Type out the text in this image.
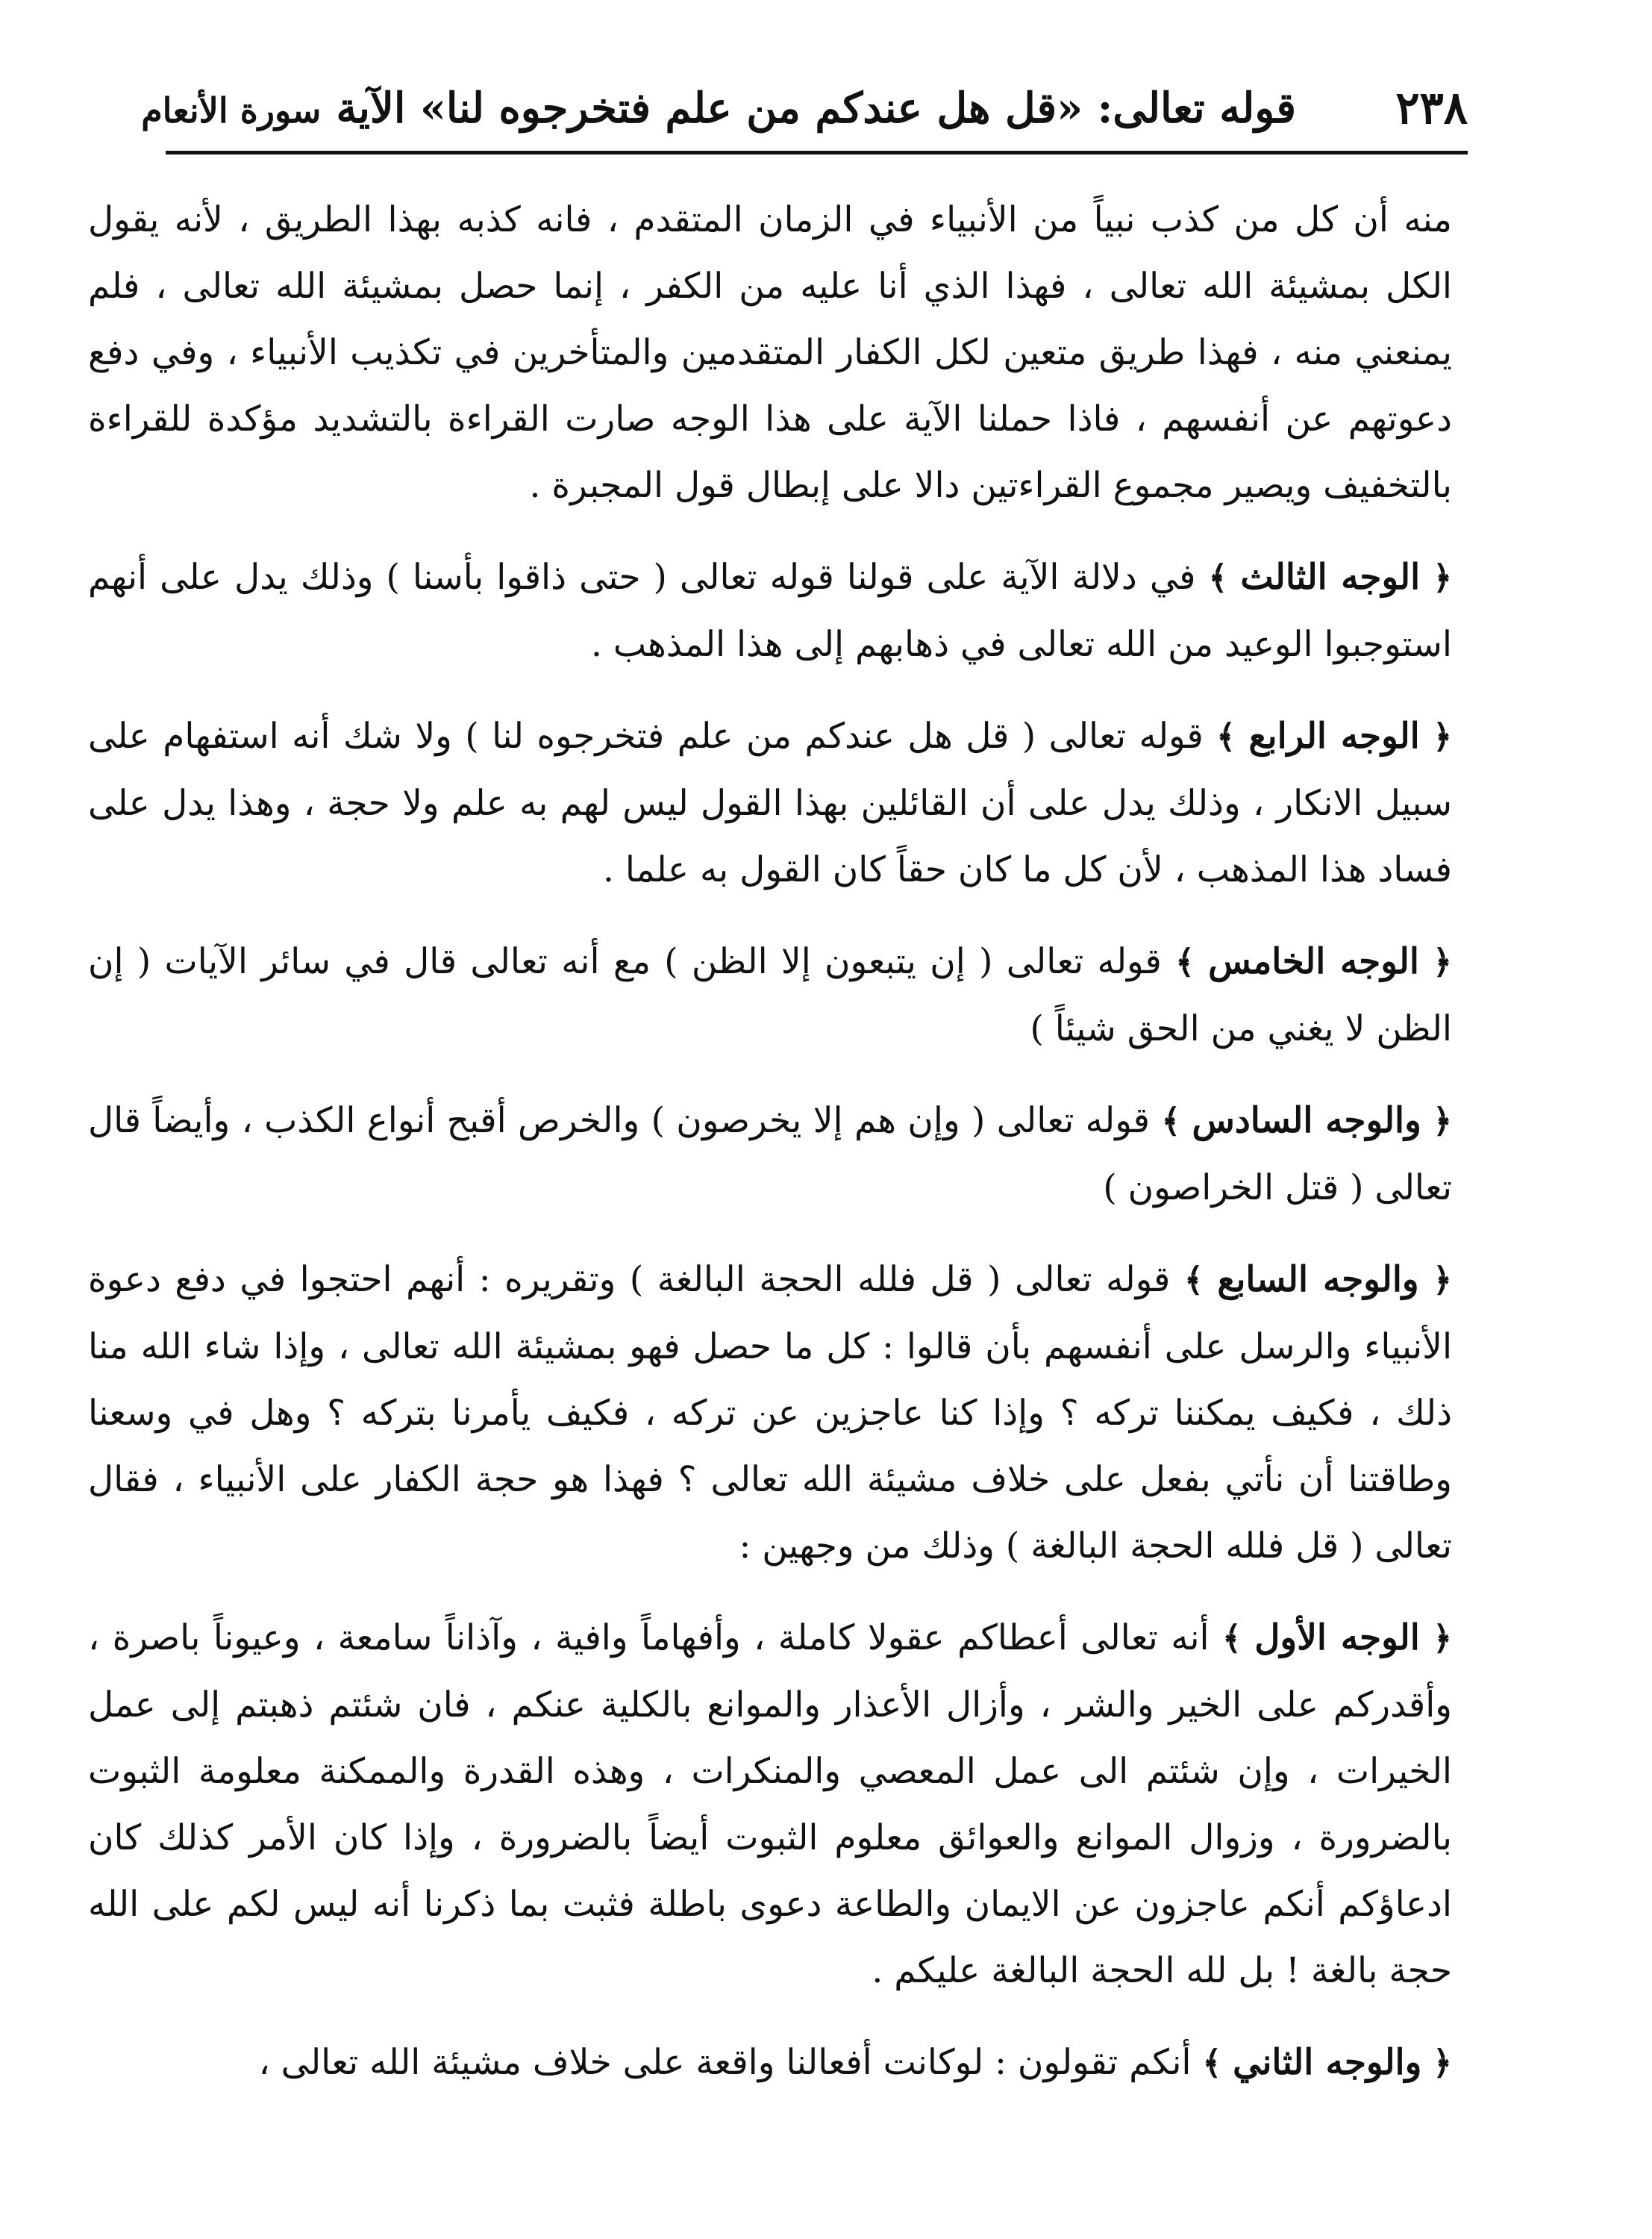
٢٣٨
قوله تعالى: «قل هل عندكم من علم فتخرجوه لنا» الآيةسورة الأنعام

منه أن كل من كذب نبياً من الأنبياء في الزمان المتقدم ، فانه كذبه بهذا الطريق ، لأنه يقول الكل بمشيئة الله تعالى ، فهذا الذي أنا عليه من الكفر ، إنما حصل بمشيئة الله تعالى ، فلم يمنعني منه ، فهذا طريق متعين لكل الكفار المتقدمين والمتأخرين في تكذيب الأنبياء ، وفي دفع دعوتهم عن أنفسهم ، فاذا حملنا الآية على هذا الوجه صارت القراءة بالتشديد مؤكدة للقراءة بالتخفيف ويصير مجموع القراءتين دالا على إبطال قول المجبرة .

﴿ الوجه الثالث ﴾ في دلالة الآية على قولنا قوله تعالى ( حتى ذاقوا بأسنا ) وذلك يدل على أنهم استوجبوا الوعيد من الله تعالى في ذهابهم إلى هذا المذهب .

﴿ الوجه الرابع ﴾ قوله تعالى ( قل هل عندكم من علم فتخرجوه لنا ) ولا شك أنه استفهام على سبيل الانكار ، وذلك يدل على أن القائلين بهذا القول ليس لهم به علم ولا حجة ، وهذا يدل على فساد هذا المذهب ، لأن كل ما كان حقاً كان القول به علما .

﴿ الوجه الخامس ﴾ قوله تعالى ( إن يتبعون إلا الظن ) مع أنه تعالى قال في سائر الآيات ( إن الظن لا يغني من الحق شيئاً )

﴿ والوجه السادس ﴾ قوله تعالى ( وإن هم إلا يخرصون ) والخرص أقبح أنواع الكذب ، وأيضاً قال تعالى ( قتل الخراصون )

﴿ والوجه السابع ﴾ قوله تعالى ( قل فلله الحجة البالغة ) وتقريره : أنهم احتجوا في دفع دعوة الأنبياء والرسل على أنفسهم بأن قالوا : كل ما حصل فهو بمشيئة الله تعالى ، وإذا شاء الله منا ذلك ، فكيف يمكننا تركه ؟ وإذا كنا عاجزين عن تركه ، فكيف يأمرنا بتركه ؟ وهل في وسعنا وطاقتنا أن نأتي بفعل على خلاف مشيئة الله تعالى ؟ فهذا هو حجة الكفار على الأنبياء ، فقال تعالى ( قل فلله الحجة البالغة ) وذلك من وجهين :

﴿ الوجه الأول ﴾ أنه تعالى أعطاكم عقولا كاملة ، وأفهاماً وافية ، وآذاناً سامعة ، وعيوناً باصرة ، وأقدركم على الخير والشر ، وأزال الأعذار والموانع بالكلية عنكم ، فان شئتم ذهبتم إلى عمل الخيرات ، وإن شئتم الى عمل المعصي والمنكرات ، وهذه القدرة والممكنة معلومة الثبوت بالضرورة ، وزوال الموانع والعوائق معلوم الثبوت أيضاً بالضرورة ، وإذا كان الأمر كذلك كان ادعاؤكم أنكم عاجزون عن الايمان والطاعة دعوى باطلة فثبت بما ذكرنا أنه ليس لكم على الله حجة بالغة ! بل لله الحجة البالغة عليكم .

﴿ والوجه الثاني ﴾ أنكم تقولون : لوكانت أفعالنا واقعة على خلاف مشيئة الله تعالى ،
